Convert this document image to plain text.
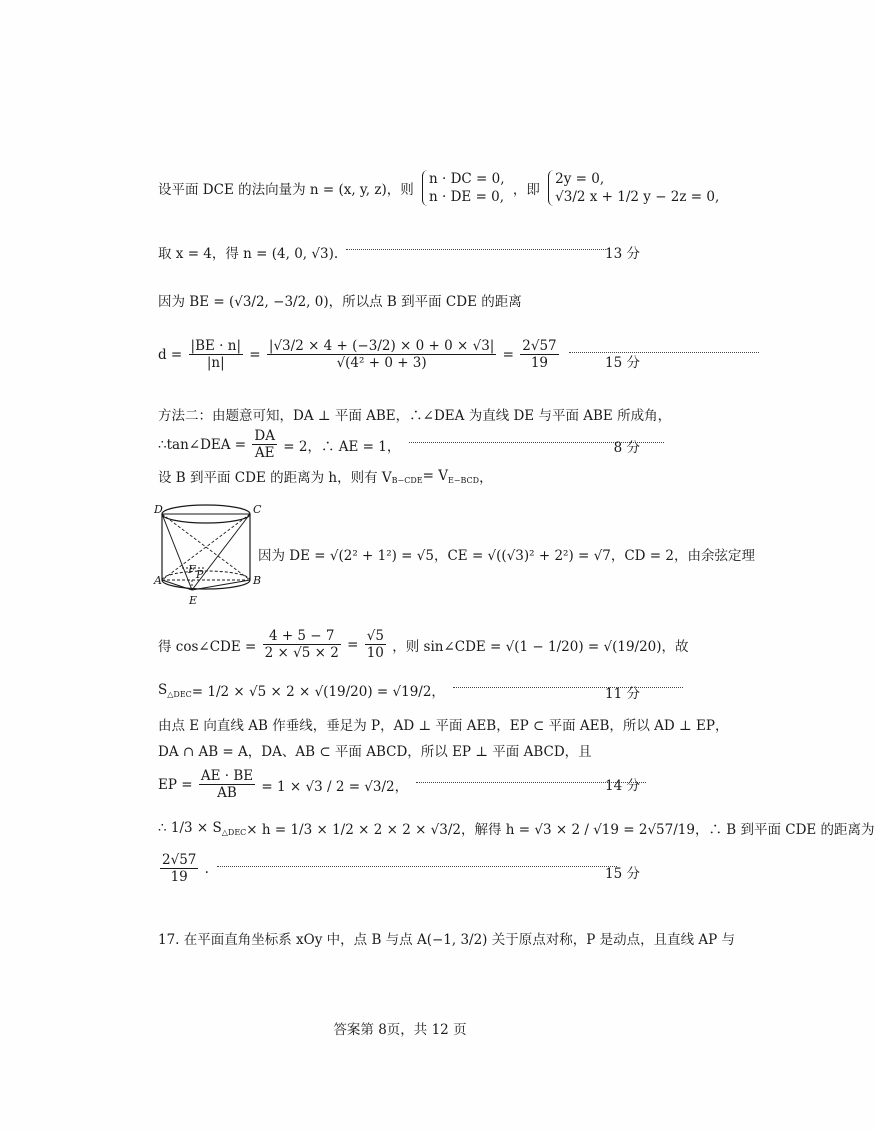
设平面 DCE 的法向量为 n = (x, y, z)，则
n · DC = 0,
n · DE = 0, ，即
2y = 0,
√3/2 x + 1/2 y − 2z = 0,
取 x = 4，得 n = (4, 0, √3).	13 分
因为 BE = (√3/2, −3/2, 0)，所以点 B 到平面 CDE 的距离
$d = \frac{|BE \cdot n|}{|n|} = \frac{|√3/2 \times 4 + (-3/2) \times 0 + 0 \times √3|}{\text{√(4² + 0 + 3)}} = \frac{2√57}{19}$
	15 分
方法二：由题意可知，DA ⊥ 平面 ABE，∴∠DEA 为直线 DE 与平面 ABE 所成角，
∴tan∠DEA = $\frac{DA}{AE} = 2$，∴ AE = 1，	8 分
设 B 到平面 CDE 的距离为 h，则有 $V_{B-CDE}= V_{E-BCD}$，
D	C
A	B
E
F P
因为 DE = √(2² + 1²) = √5，CE = √((√3)² + 2²) = √7，CD = 2，由余弦定理
得 cos∠CDE = $\frac{4 + 5 - 7}{2 \times √5 \times 2} = \frac{√5}{10}$ ，则 sin∠CDE = √(1 − 1/20) = √(19/20)，故
$S_{\triangle DEC}= 1/2 \times √5 \times 2 \times √(19/20) = √19/2$，	11 分
由点 E 向直线 AB 作垂线，垂足为 P，AD ⊥ 平面 AEB，EP ⊂ 平面 AEB，所以 AD ⊥ EP，
DA ∩ AB = A，DA、AB ⊂ 平面 ABCD，所以 EP ⊥ 平面 ABCD，且
EP = $\frac{AE \cdot BE}{AB} = 1 \times √3 / 2 = √3/2$，	14 分
∴ $1/3 \times S_{\triangle DEC}\times h = 1/3 \times 1/2 \times 2 \times 2 \times √3/2$，解得 h = √3 × 2 / √19 = 2√57/19，∴ B 到平面 CDE 的距离为
$\frac{2√57}{19}$ .	15 分
17. 在平面直角坐标系 xOy 中，点 B 与点 A(−1, 3/2) 关于原点对称，P 是动点，且直线 AP 与
答案第 8页，共 12 页
